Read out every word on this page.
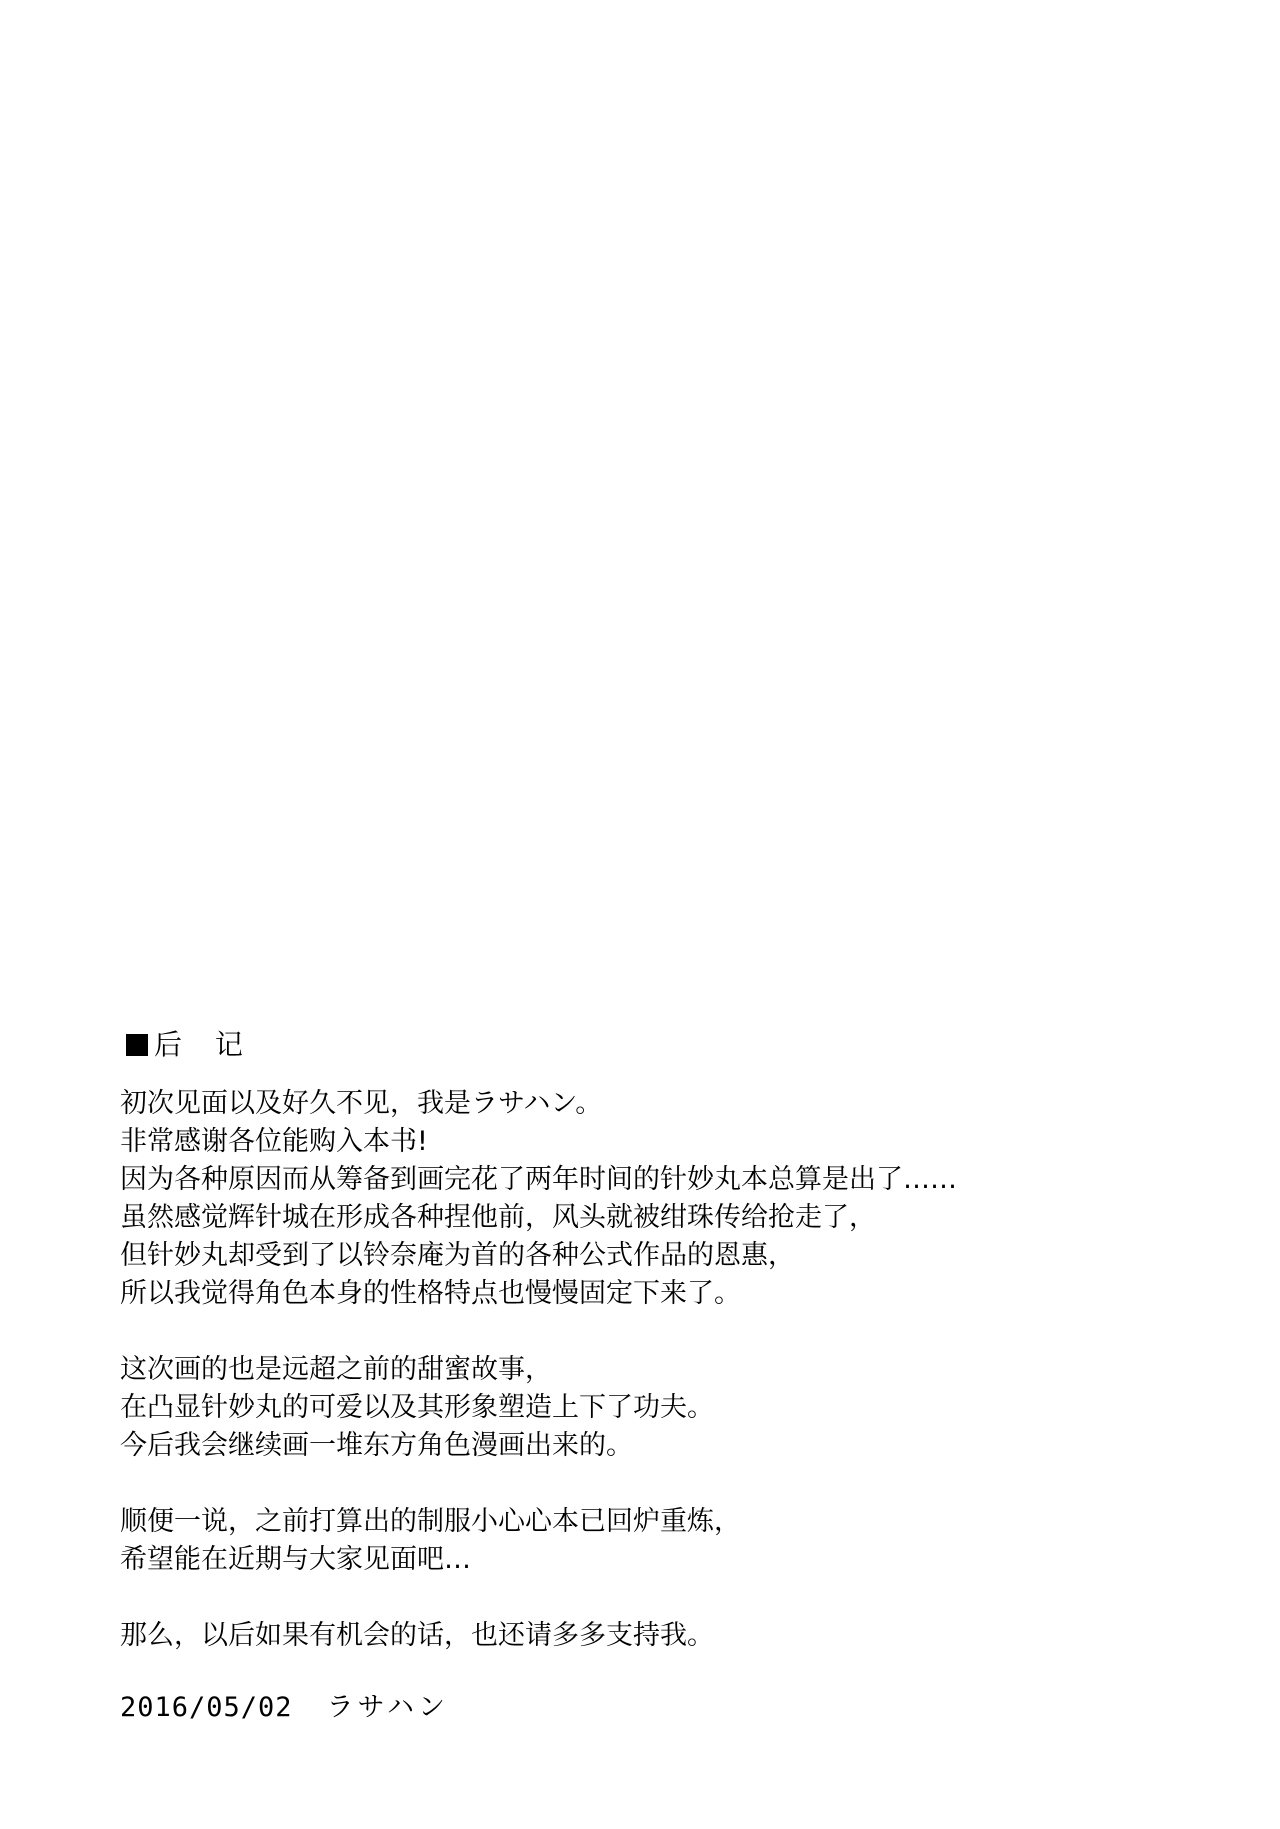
后 记
初次见面以及好久不见，我是ラサハン。
非常感谢各位能购入本书!
因为各种原因而从筹备到画完花了两年时间的针妙丸本总算是出了……
虽然感觉辉针城在形成各种捏他前，风头就被绀珠传给抢走了，
但针妙丸却受到了以铃奈庵为首的各种公式作品的恩惠，
所以我觉得角色本身的性格特点也慢慢固定下来了。
这次画的也是远超之前的甜蜜故事，
在凸显针妙丸的可爱以及其形象塑造上下了功夫。
今后我会继续画一堆东方角色漫画出来的。
顺便一说，之前打算出的制服小心心本已回炉重炼，
希望能在近期与大家见面吧…
那么，以后如果有机会的话，也还请多多支持我。
2016/05/02 ラサハン
